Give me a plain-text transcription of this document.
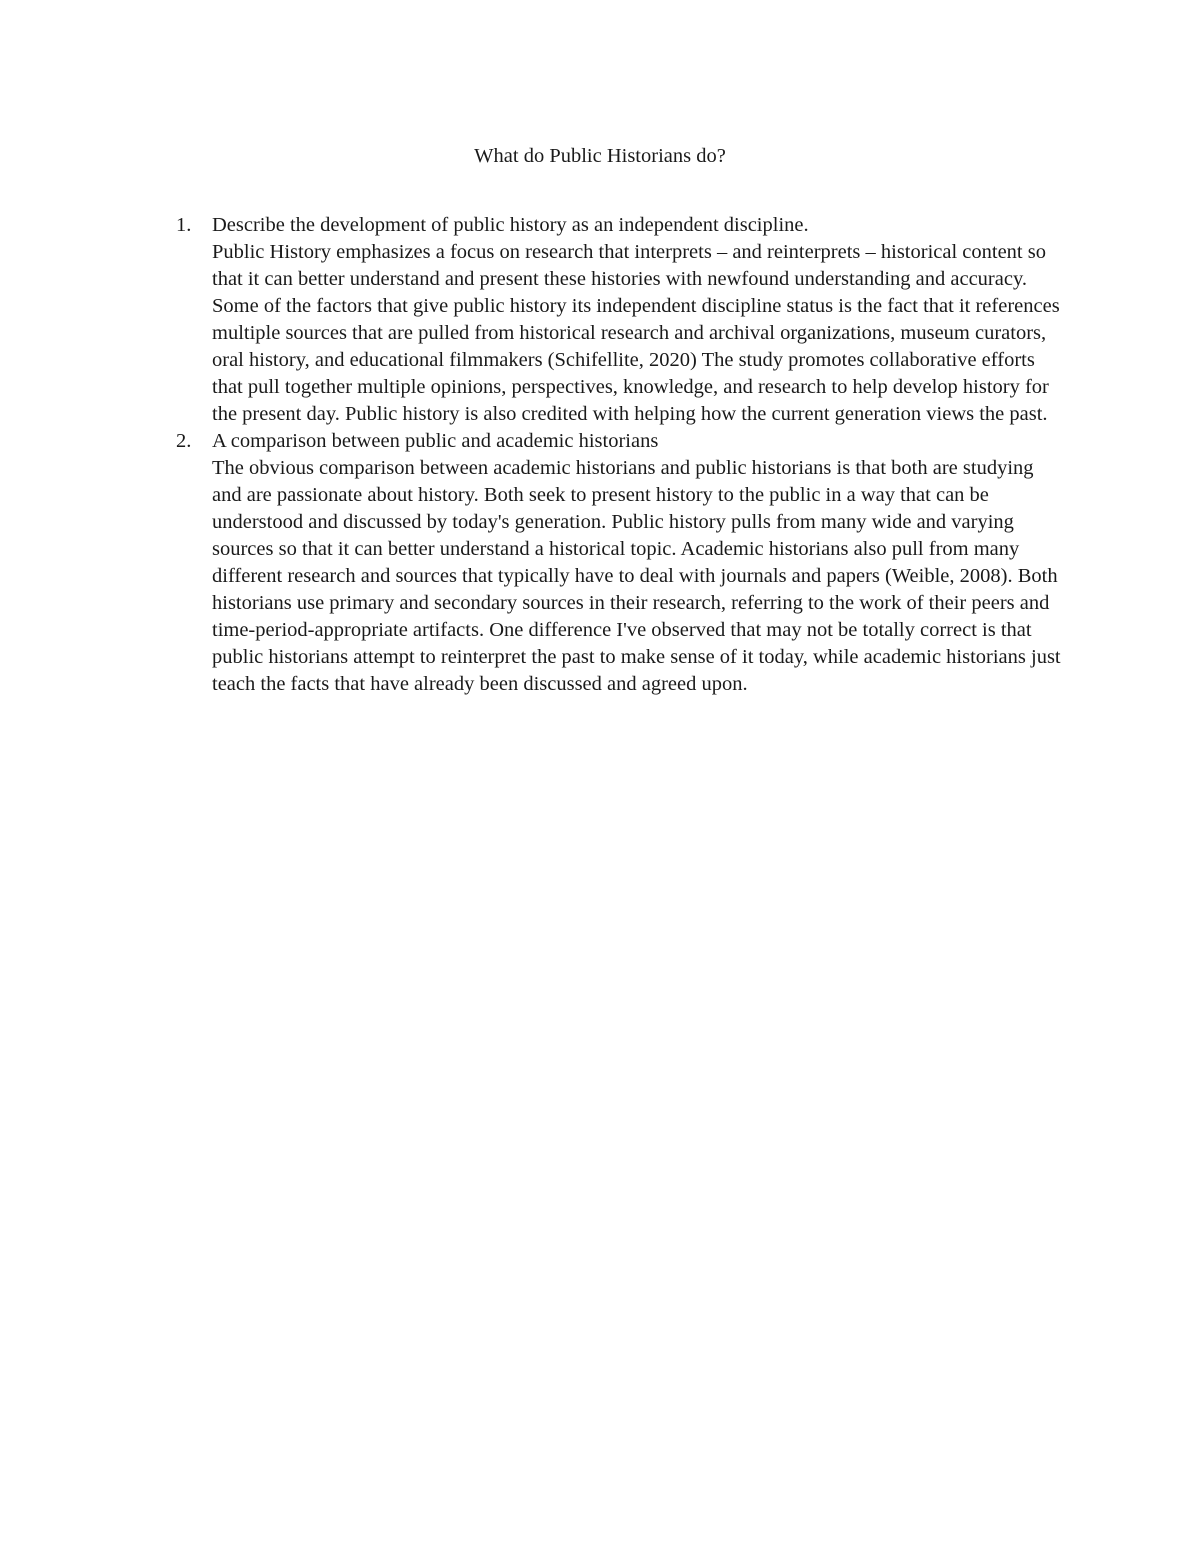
What do Public Historians do?
1. Describe the development of public history as an independent discipline.
Public History emphasizes a focus on research that interprets – and reinterprets – historical content so that it can better understand and present these histories with newfound understanding and accuracy. Some of the factors that give public history its independent discipline status is the fact that it references multiple sources that are pulled from historical research and archival organizations, museum curators, oral history, and educational filmmakers (Schifellite, 2020) The study promotes collaborative efforts that pull together multiple opinions, perspectives, knowledge, and research to help develop history for the present day. Public history is also credited with helping how the current generation views the past.
2. A comparison between public and academic historians
The obvious comparison between academic historians and public historians is that both are studying and are passionate about history. Both seek to present history to the public in a way that can be understood and discussed by today's generation. Public history pulls from many wide and varying sources so that it can better understand a historical topic. Academic historians also pull from many different research and sources that typically have to deal with journals and papers (Weible, 2008). Both historians use primary and secondary sources in their research, referring to the work of their peers and time-period-appropriate artifacts. One difference I've observed that may not be totally correct is that public historians attempt to reinterpret the past to make sense of it today, while academic historians just teach the facts that have already been discussed and agreed upon.
